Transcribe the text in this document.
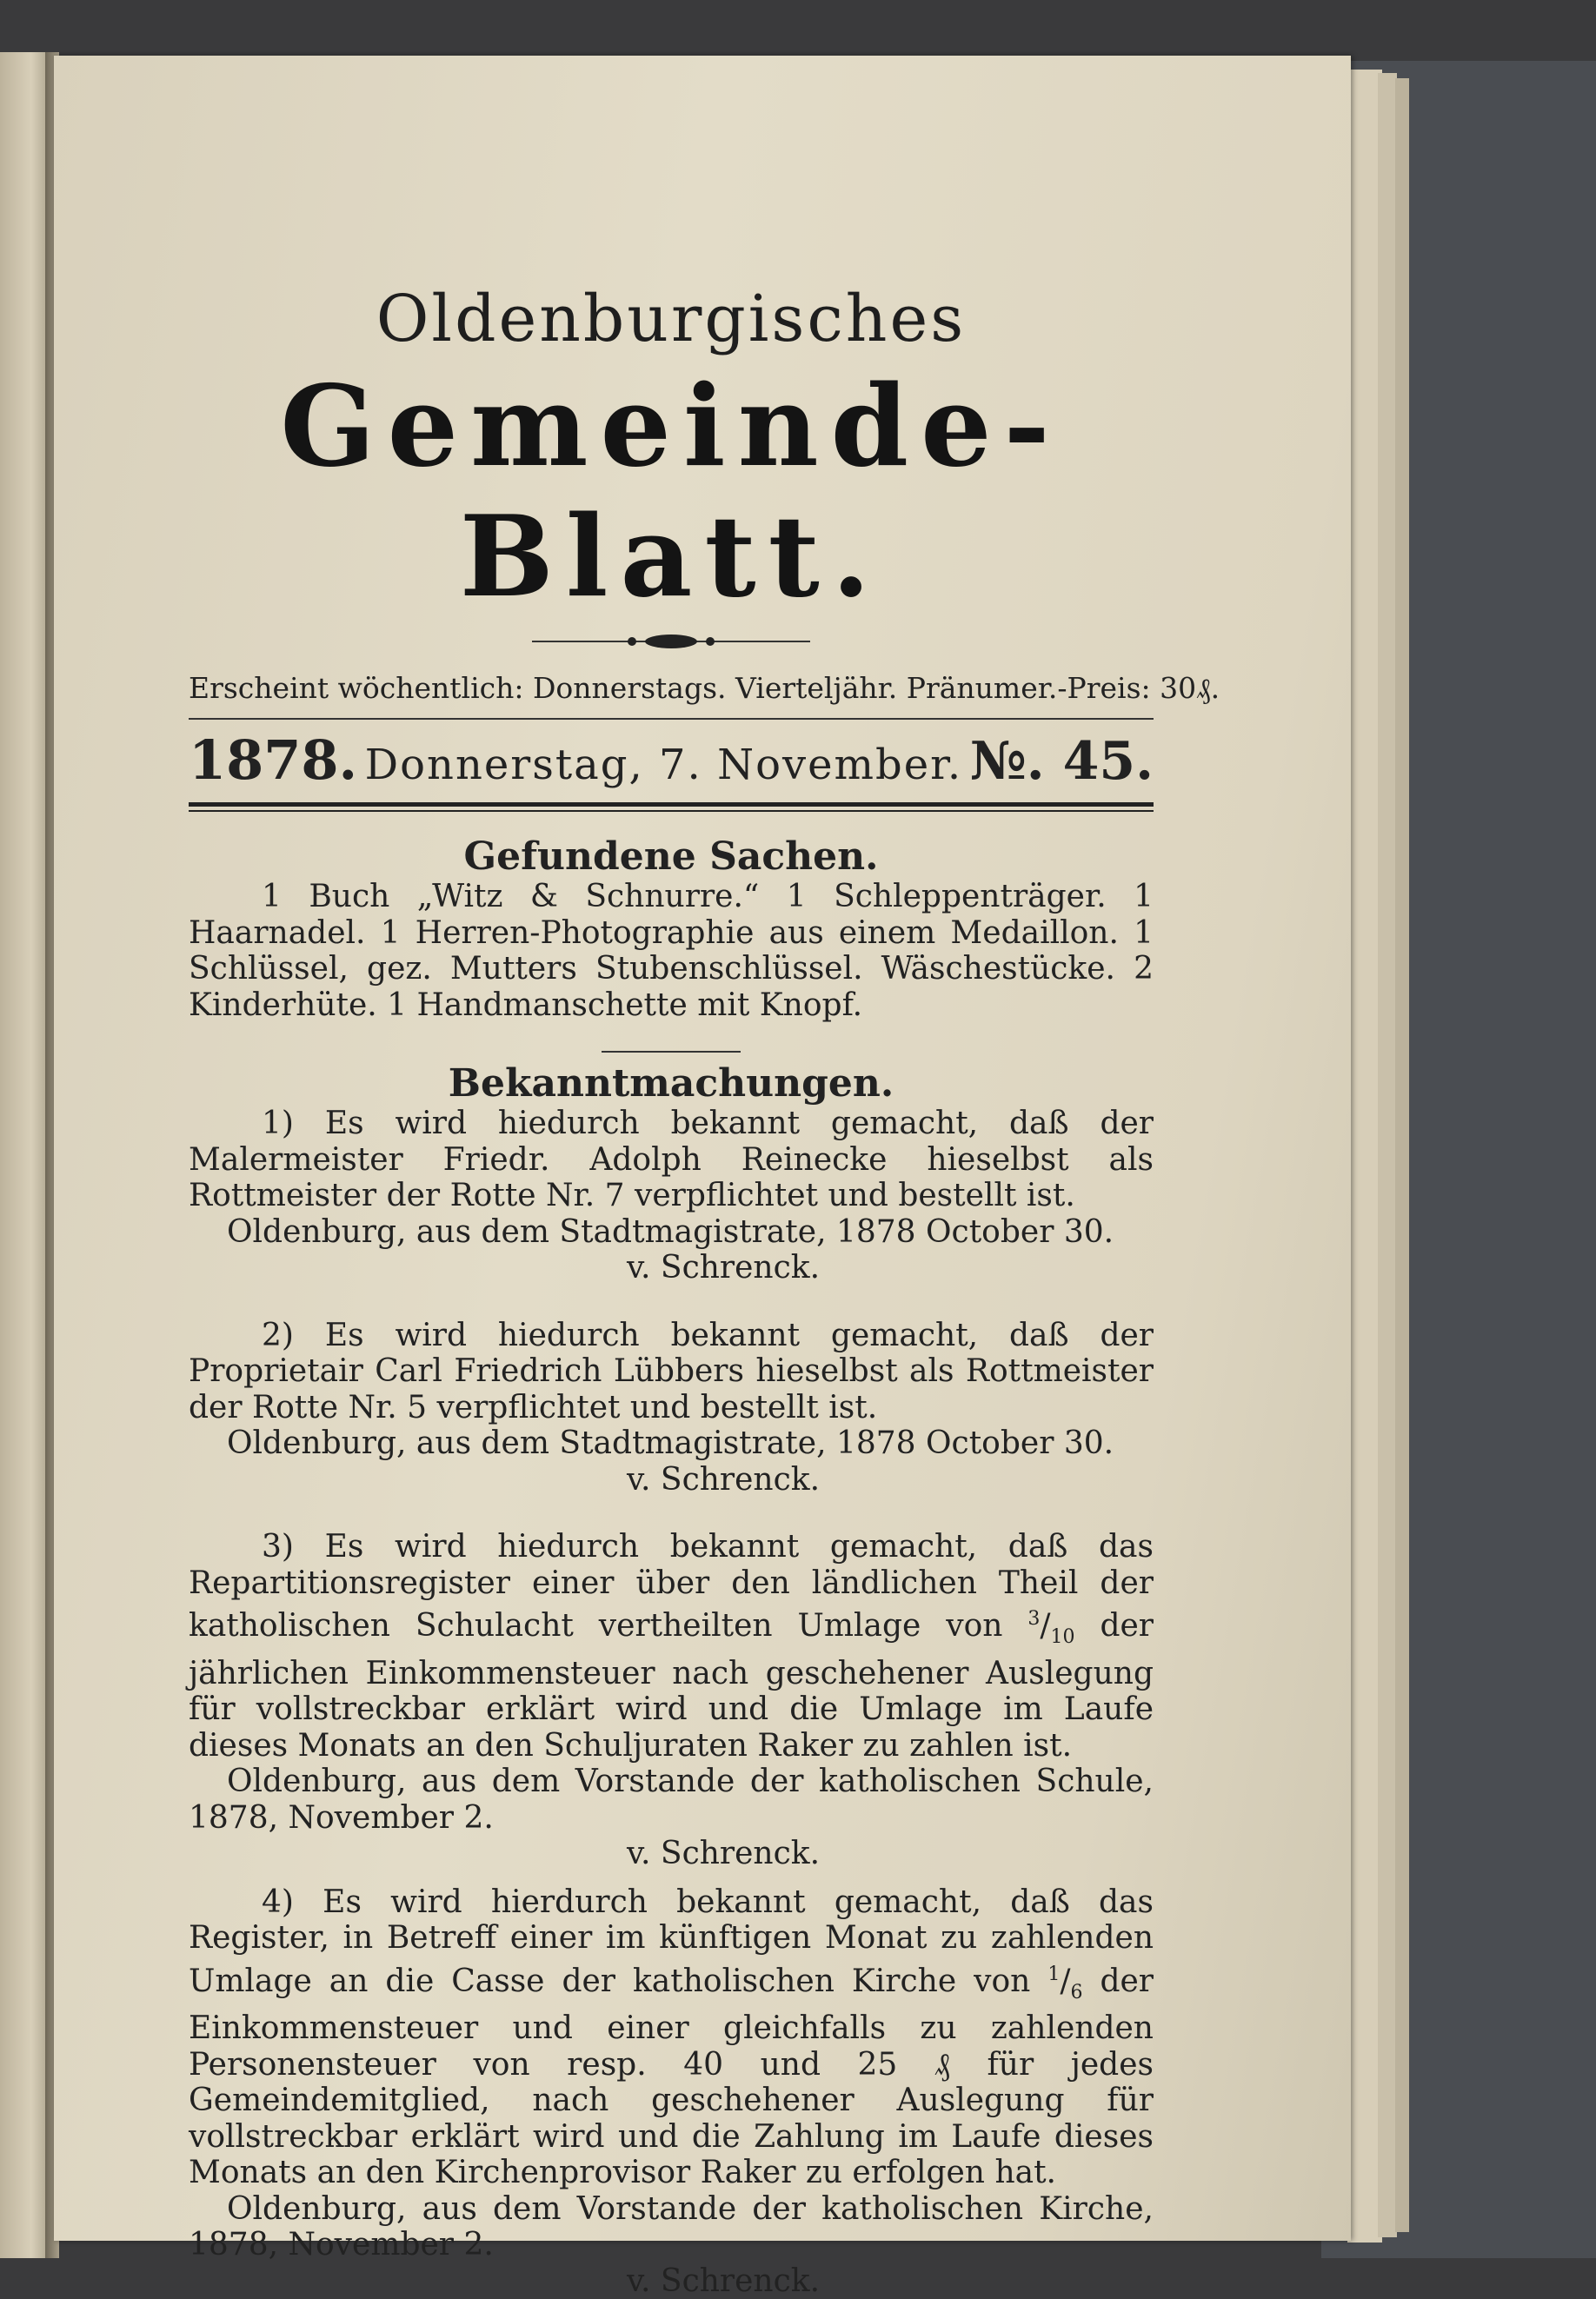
Oldenburgisches
Gemeinde-Blatt.
Erscheint wöchentlich: Donnerstags. Vierteljähr. Pränumer.-Preis: 30₰.
1878. Donnerstag, 7. November. №. 45.
Gefundene Sachen.

1 Buch „Witz & Schnurre.“ 1 Schleppenträger. 1 Haarnadel. 1 Herren-Photographie aus einem Medaillon. 1 Schlüssel, gez. Mutters Stubenschlüssel. Wäschestücke. 2 Kinderhüte. 1 Handmanschette mit Knopf.

Bekanntmachungen.

1) Es wird hiedurch bekannt gemacht, daß der Malermeister Friedr. Adolph Reinecke hieselbst als Rottmeister der Rotte Nr. 7 verpflichtet und bestellt ist.

Oldenburg, aus dem Stadtmagistrate, 1878 October 30.

v. Schrenck.

2) Es wird hiedurch bekannt gemacht, daß der Proprietair Carl Friedrich Lübbers hieselbst als Rottmeister der Rotte Nr. 5 verpflichtet und bestellt ist.

Oldenburg, aus dem Stadtmagistrate, 1878 October 30.

v. Schrenck.

3) Es wird hiedurch bekannt gemacht, daß das Repartitionsregister einer über den ländlichen Theil der katholischen Schulacht vertheilten Umlage von $^3/_{10}$ der jährlichen Einkommensteuer nach geschehener Auslegung für vollstreckbar erklärt wird und die Umlage im Laufe dieses Monats an den Schuljuraten Raker zu zahlen ist.

Oldenburg, aus dem Vorstande der katholischen Schule, 1878, November 2.

v. Schrenck.

4) Es wird hierdurch bekannt gemacht, daß das Register, in Betreff einer im künftigen Monat zu zahlenden Umlage an die Casse der katholischen Kirche von $^1/_6$ der Einkommensteuer und einer gleichfalls zu zahlenden Personensteuer von resp. 40 und 25 ₰ für jedes Gemeindemitglied, nach geschehener Auslegung für vollstreckbar erklärt wird und die Zahlung im Laufe dieses Monats an den Kirchenprovisor Raker zu erfolgen hat.

Oldenburg, aus dem Vorstande der katholischen Kirche, 1878, November 2.

v. Schrenck.
